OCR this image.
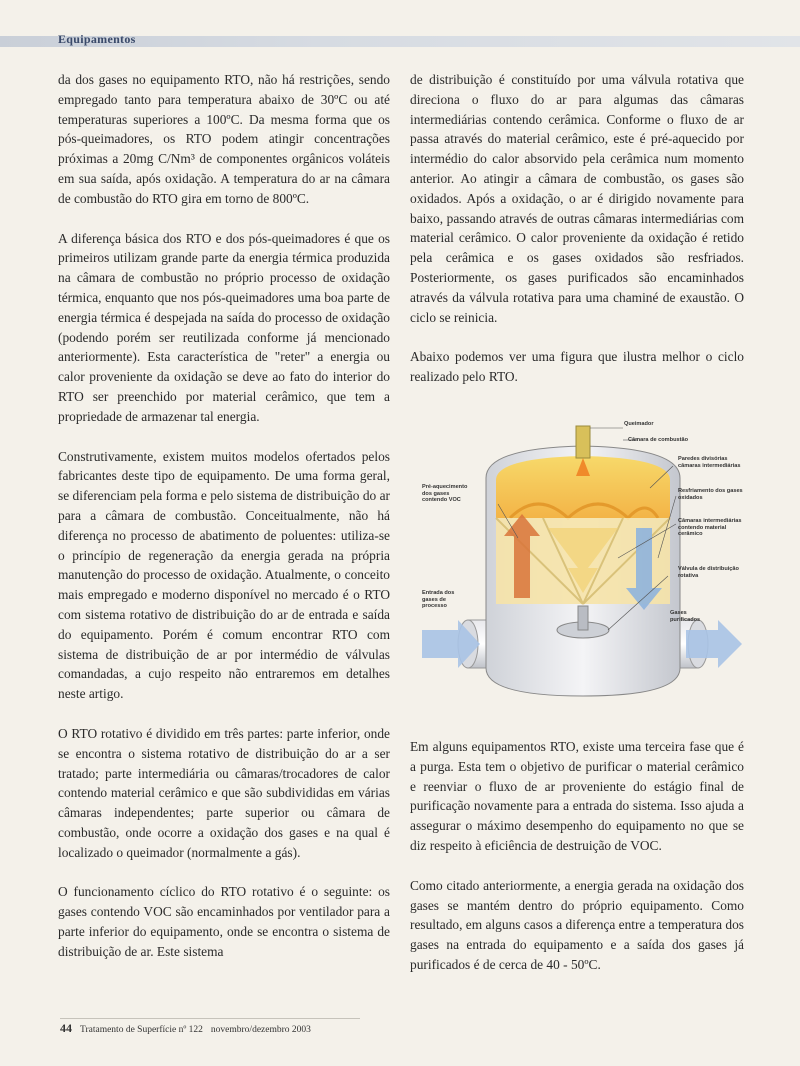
Equipamentos

da dos gases no equipamento RTO, não há restrições, sendo empregado tanto para temperatura abaixo de 30ºC ou até temperaturas superiores a 100ºC. Da mesma forma que os pós-queimadores, os RTO podem atingir concentrações próximas a 20mg C/Nm³ de componentes orgânicos voláteis em sua saída, após oxidação. A temperatura do ar na câmara de combustão do RTO gira em torno de 800ºC.

A diferença básica dos RTO e dos pós-queimadores é que os primeiros utilizam grande parte da energia térmica produzida na câmara de combustão no próprio processo de oxidação térmica, enquanto que nos pós-queimadores uma boa parte de energia térmica é despejada na saída do processo de oxidação (podendo porém ser reutilizada conforme já mencionado anteriormente). Esta característica de "reter" a energia ou calor proveniente da oxidação se deve ao fato do interior do RTO ser preenchido por material cerâmico, que tem a propriedade de armazenar tal energia.

Construtivamente, existem muitos modelos ofertados pelos fabricantes deste tipo de equipamento. De uma forma geral, se diferenciam pela forma e pelo sistema de distribuição do ar para a câmara de combustão. Conceitualmente, não há diferença no processo de abatimento de poluentes: utiliza-se o princípio de regeneração da energia gerada na própria manutenção do processo de oxidação. Atualmente, o conceito mais empregado e moderno disponível no mercado é o RTO com sistema rotativo de distribuição do ar de entrada e saída do equipamento. Porém é comum encontrar RTO com sistema de distribuição de ar por intermédio de válvulas comandadas, a cujo respeito não entraremos em detalhes neste artigo.

O RTO rotativo é dividido em três partes: parte inferior, onde se encontra o sistema rotativo de distribuição do ar a ser tratado; parte intermediária ou câmaras/trocadores de calor contendo material cerâmico e que são subdivididas em várias câmaras independentes; parte superior ou câmara de combustão, onde ocorre a oxidação dos gases e na qual é localizado o queimador (normalmente a gás).

O funcionamento cíclico do RTO rotativo é o seguinte: os gases contendo VOC são encaminhados por ventilador para a parte inferior do equipamento, onde se encontra o sistema de distribuição de ar. Este sistema

de distribuição é constituído por uma válvula rotativa que direciona o fluxo do ar para algumas das câmaras intermediárias contendo cerâmica. Conforme o fluxo de ar passa através do material cerâmico, este é pré-aquecido por intermédio do calor absorvido pela cerâmica num momento anterior. Ao atingir a câmara de combustão, os gases são oxidados. Após a oxidação, o ar é dirigido novamente para baixo, passando através de outras câmaras intermediárias com material cerâmico. O calor proveniente da oxidação é retido pela cerâmica e os gases oxidados são resfriados. Posteriormente, os gases purificados são encaminhados através da válvula rotativa para uma chaminé de exaustão. O ciclo se reinicia.

Abaixo podemos ver uma figura que ilustra melhor o ciclo realizado pelo RTO.

Queimador
Câmara de combustão
Paredes divisórias
câmaras intermediárias
Pré-aquecimento
dos gases
contendo VOC
Resfriamento dos gases
oxidados
Câmaras intermediárias
contendo material
cerâmico
Válvula de distribuição
rotativa
Entrada dos
gases de
processo
Gases
purificados

Em alguns equipamentos RTO, existe uma terceira fase que é a purga. Esta tem o objetivo de purificar o material cerâmico e reenviar o fluxo de ar proveniente do estágio final de purificação novamente para a entrada do sistema. Isso ajuda a assegurar o máximo desempenho do equipamento no que se diz respeito à eficiência de destruição de VOC.

Como citado anteriormente, a energia gerada na oxidação dos gases se mantém dentro do próprio equipamento. Como resultado, em alguns casos a diferença entre a temperatura dos gases na entrada do equipamento e a saída dos gases já purificados é de cerca de 40 - 50ºC.

44 Tratamento de Superfície nº 122 novembro/dezembro 2003
